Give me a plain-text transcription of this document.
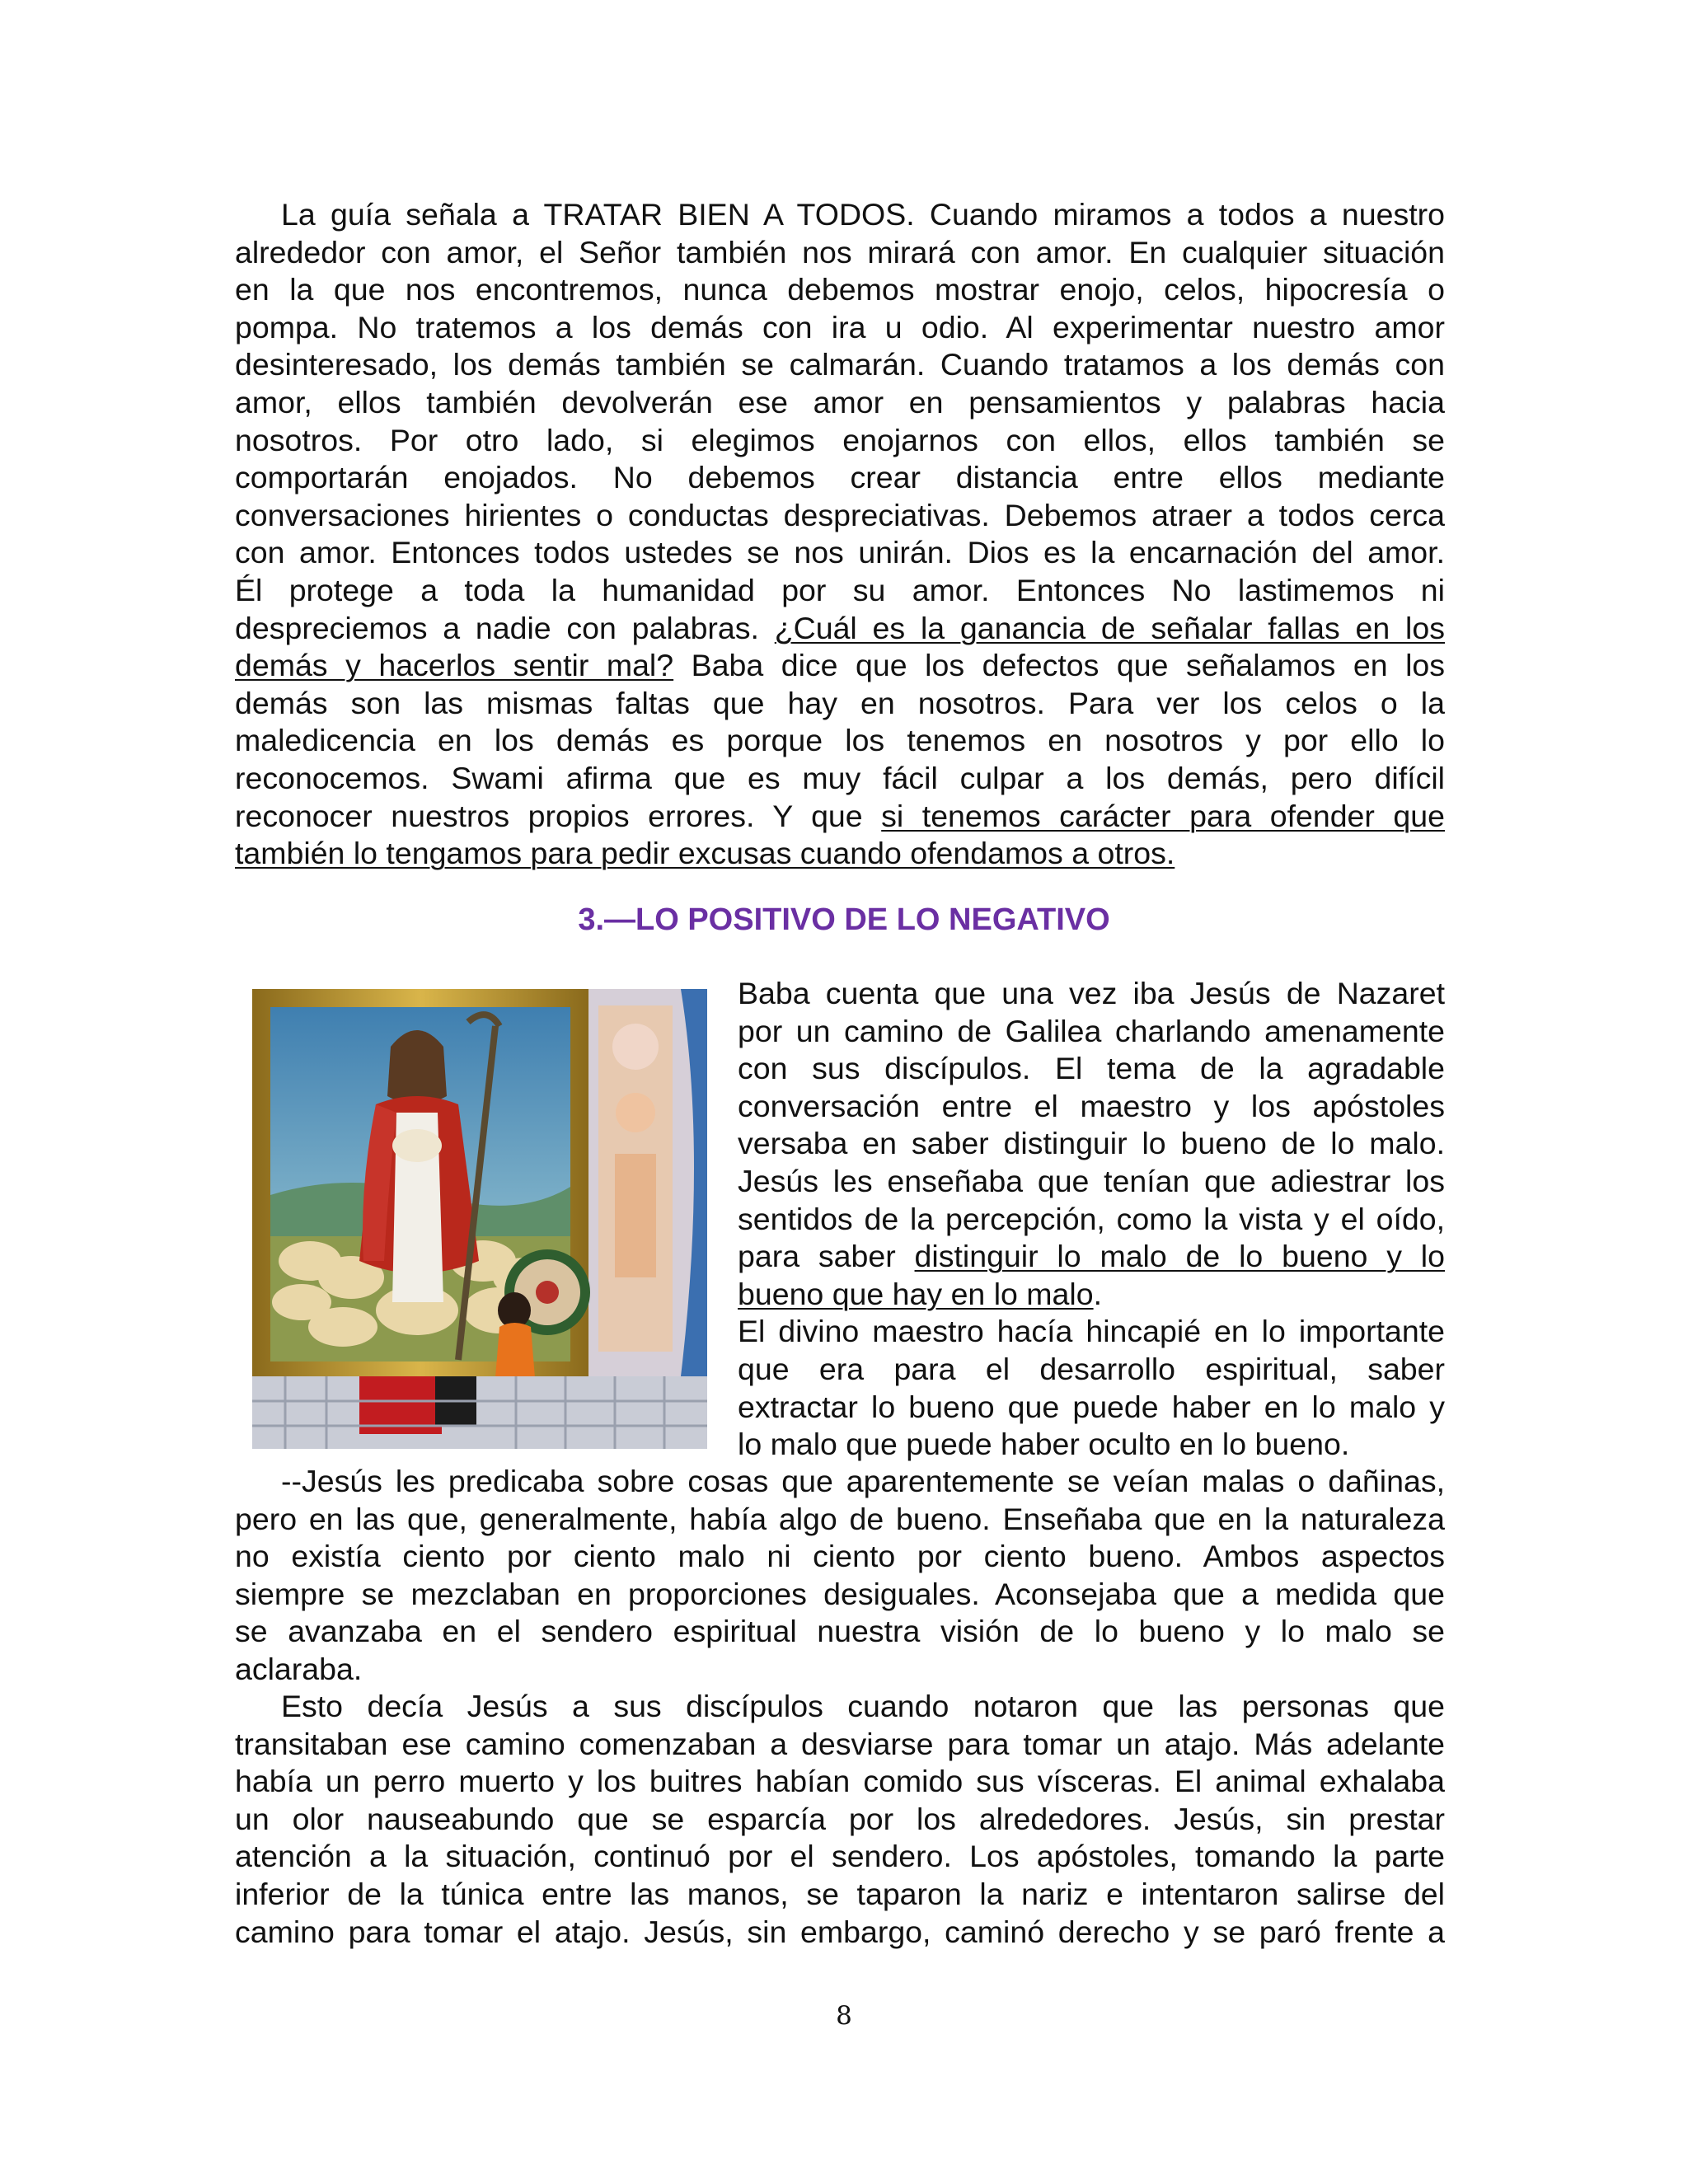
La guía señala a TRATAR BIEN A TODOS. Cuando miramos a todos a nuestro
alrededor con amor, el Señor también nos mirará con amor. En cualquier situación
en la que nos encontremos, nunca debemos mostrar enojo, celos, hipocresía o
pompa. No tratemos a los demás con ira u odio. Al experimentar nuestro amor
desinteresado, los demás también se calmarán. Cuando tratamos a los demás con
amor, ellos también devolverán ese amor en pensamientos y palabras hacia
nosotros. Por otro lado, si elegimos enojarnos con ellos, ellos también se
comportarán enojados. No debemos crear distancia entre ellos mediante
conversaciones hirientes o conductas despreciativas. Debemos atraer a todos cerca
con amor. Entonces todos ustedes se nos unirán. Dios es la encarnación del amor.
Él protege a toda la humanidad por su amor. Entonces No lastimemos ni
despreciemos a nadie con palabras. ¿Cuál es la ganancia de señalar fallas en los
demás y hacerlos sentir mal? Baba dice que los defectos que señalamos en los
demás son las mismas faltas que hay en nosotros. Para ver los celos o la
maledicencia en los demás es porque los tenemos en nosotros y por ello lo
reconocemos. Swami afirma que es muy fácil culpar a los demás, pero difícil
reconocer nuestros propios errores. Y que si tenemos carácter para ofender que
también lo tengamos para pedir excusas cuando ofendamos a otros.
3.—LO POSITIVO DE LO NEGATIVO
Baba cuenta que una vez iba Jesús de Nazaret
por un camino de Galilea charlando amenamente
con sus discípulos. El tema de la agradable
conversación entre el maestro y los apóstoles
versaba en saber distinguir lo bueno de lo malo.
Jesús les enseñaba que tenían que adiestrar los
sentidos de la percepción, como la vista y el oído,
para saber distinguir lo malo de lo bueno y lo
bueno que hay en lo malo.
El divino maestro hacía hincapié en lo importante
que era para el desarrollo espiritual, saber
extractar lo bueno que puede haber en lo malo y
lo malo que puede haber oculto en lo bueno.
--Jesús les predicaba sobre cosas que aparentemente se veían malas o dañinas,
pero en las que, generalmente, había algo de bueno. Enseñaba que en la naturaleza
no existía ciento por ciento malo ni ciento por ciento bueno. Ambos aspectos
siempre se mezclaban en proporciones desiguales. Aconsejaba que a medida que
se avanzaba en el sendero espiritual nuestra visión de lo bueno y lo malo se
aclaraba.
Esto decía Jesús a sus discípulos cuando notaron que las personas que
transitaban ese camino comenzaban a desviarse para tomar un atajo. Más adelante
había un perro muerto y los buitres habían comido sus vísceras. El animal exhalaba
un olor nauseabundo que se esparcía por los alrededores. Jesús, sin prestar
atención a la situación, continuó por el sendero. Los apóstoles, tomando la parte
inferior de la túnica entre las manos, se taparon la nariz e intentaron salirse del
camino para tomar el atajo. Jesús, sin embargo, caminó derecho y se paró frente a
8
